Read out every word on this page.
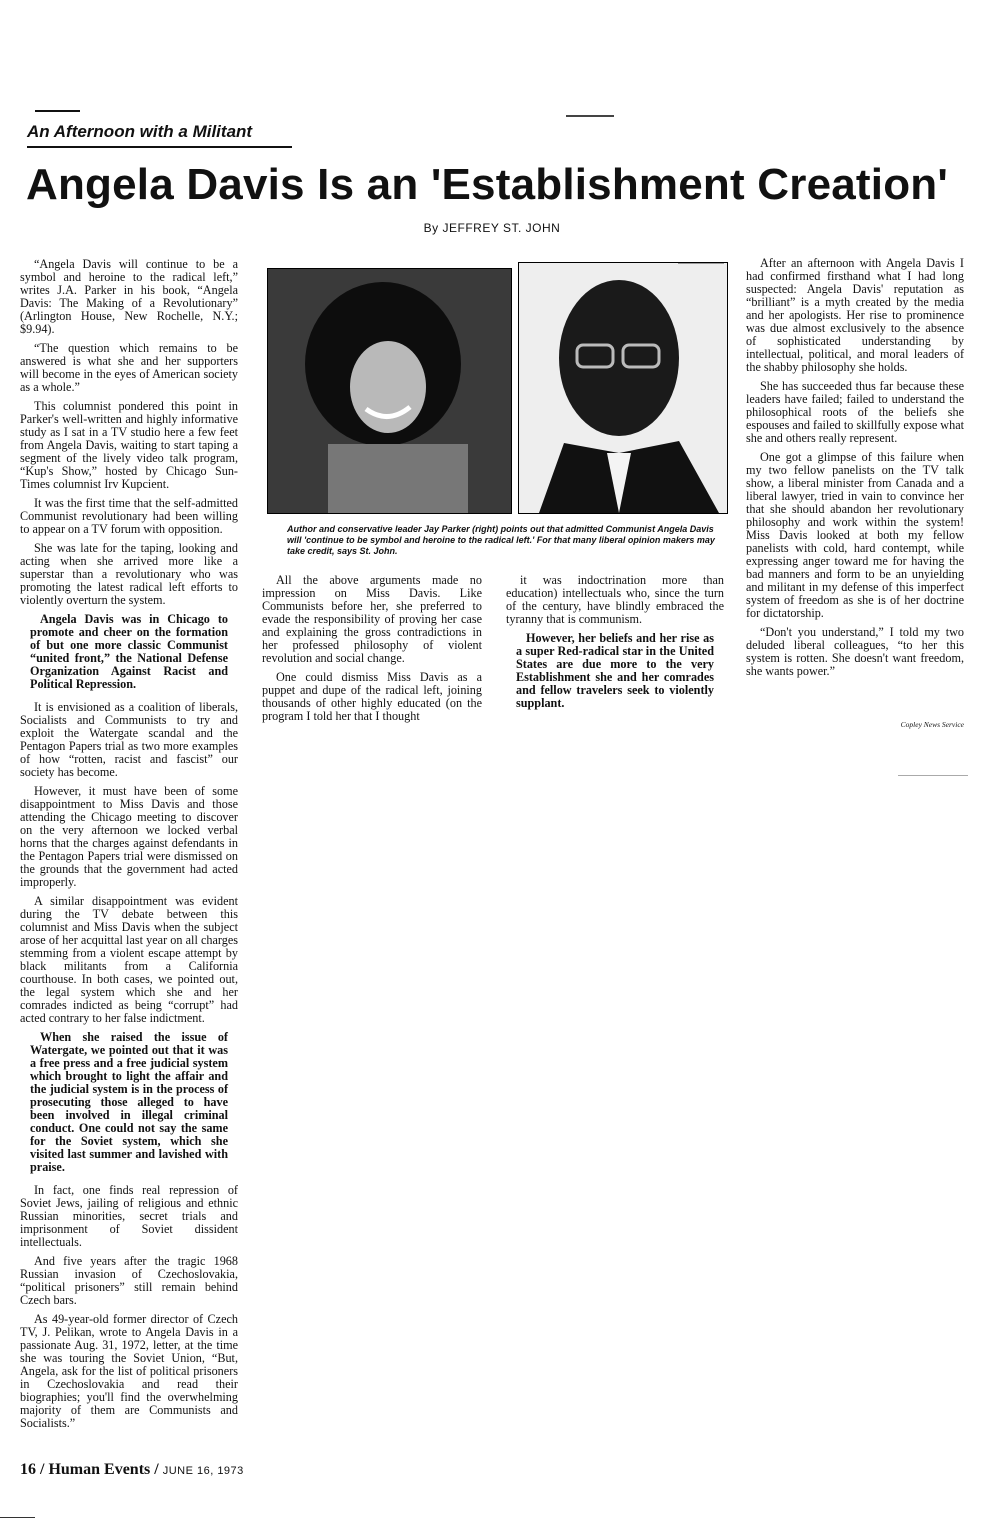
An Afternoon with a Militant
Angela Davis Is an 'Establishment Creation'
By JEFFREY ST. JOHN

“Angela Davis will continue to be a symbol and heroine to the radical left,” writes J.A. Parker in his book, “Angela Davis: The Making of a Revolutionary” (Arlington House, New Rochelle, N.Y.; $9.94).

“The question which remains to be answered is what she and her supporters will become in the eyes of American society as a whole.”

This columnist pondered this point in Parker's well-written and highly informative study as I sat in a TV studio here a few feet from Angela Davis, waiting to start taping a segment of the lively video talk program, “Kup's Show,” hosted by Chicago Sun-Times columnist Irv Kupcient.

It was the first time that the self-admitted Communist revolutionary had been willing to appear on a TV forum with opposition.

She was late for the taping, looking and acting when she arrived more like a superstar than a revolutionary who was promoting the latest radical left efforts to violently overturn the system.

Angela Davis was in Chicago to promote and cheer on the formation of but one more classic Communist “united front,” the National Defense Organization Against Racist and Political Repression.

It is envisioned as a coalition of liberals, Socialists and Communists to try and exploit the Watergate scandal and the Pentagon Papers trial as two more examples of how “rotten, racist and fascist” our society has become.

However, it must have been of some disappointment to Miss Davis and those attending the Chicago meeting to discover on the very afternoon we locked verbal horns that the charges against defendants in the Pentagon Papers trial were dismissed on the grounds that the government had acted improperly.

A similar disappointment was evident during the TV debate between this columnist and Miss Davis when the subject arose of her acquittal last year on all charges stemming from a violent escape attempt by black militants from a California courthouse. In both cases, we pointed out, the legal system which she and her comrades indicted as being “corrupt” had acted contrary to her false indictment.

When she raised the issue of Watergate, we pointed out that it was a free press and a free judicial system which brought to light the affair and the judicial system is in the process of prosecuting those alleged to have been involved in illegal criminal conduct. One could not say the same for the Soviet system, which she visited last summer and lavished with praise.

In fact, one finds real repression of Soviet Jews, jailing of religious and ethnic Russian minorities, secret trials and imprisonment of Soviet dissident intellectuals.

And five years after the tragic 1968 Russian invasion of Czechoslovakia, “political prisoners” still remain behind Czech bars.

As 49-year-old former director of Czech TV, J. Pelikan, wrote to Angela Davis in a passionate Aug. 31, 1972, letter, at the time she was touring the Soviet Union, “But, Angela, ask for the list of political prisoners in Czechoslovakia and read their biographies; you'll find the overwhelming majority of them are Communists and Socialists.”

Author and conservative leader Jay Parker (right) points out that admitted Communist Angela Davis will 'continue to be symbol and heroine to the radical left.' For that many liberal opinion makers may take credit, says St. John.

All the above arguments made no impression on Miss Davis. Like Communists before her, she preferred to evade the responsibility of proving her case and explaining the gross contradictions in her professed philosophy of violent revolution and social change.

One could dismiss Miss Davis as a puppet and dupe of the radical left, joining thousands of other highly educated (on the program I told her that I thought

it was indoctrination more than education) intellectuals who, since the turn of the century, have blindly embraced the tyranny that is communism.

However, her beliefs and her rise as a super Red-radical star in the United States are due more to the very Establishment she and her comrades and fellow travelers seek to violently supplant.

After an afternoon with Angela Davis I had confirmed firsthand what I had long suspected: Angela Davis' reputation as “brilliant” is a myth created by the media and her apologists. Her rise to prominence was due almost exclusively to the absence of sophisticated understanding by intellectual, political, and moral leaders of the shabby philosophy she holds.

She has succeeded thus far because these leaders have failed; failed to understand the philosophical roots of the beliefs she espouses and failed to skillfully expose what she and others really represent.

One got a glimpse of this failure when my two fellow panelists on the TV talk show, a liberal minister from Canada and a liberal lawyer, tried in vain to convince her that she should abandon her revolutionary philosophy and work within the system! Miss Davis looked at both my fellow panelists with cold, hard contempt, while expressing anger toward me for having the bad manners and form to be an unyielding and militant in my defense of this imperfect system of freedom as she is of her doctrine for dictatorship.

“Don't you understand,” I told my two deluded liberal colleagues, “to her this system is rotten. She doesn't want freedom, she wants power.”

Copley News Service
16 / Human Events / JUNE 16, 1973
